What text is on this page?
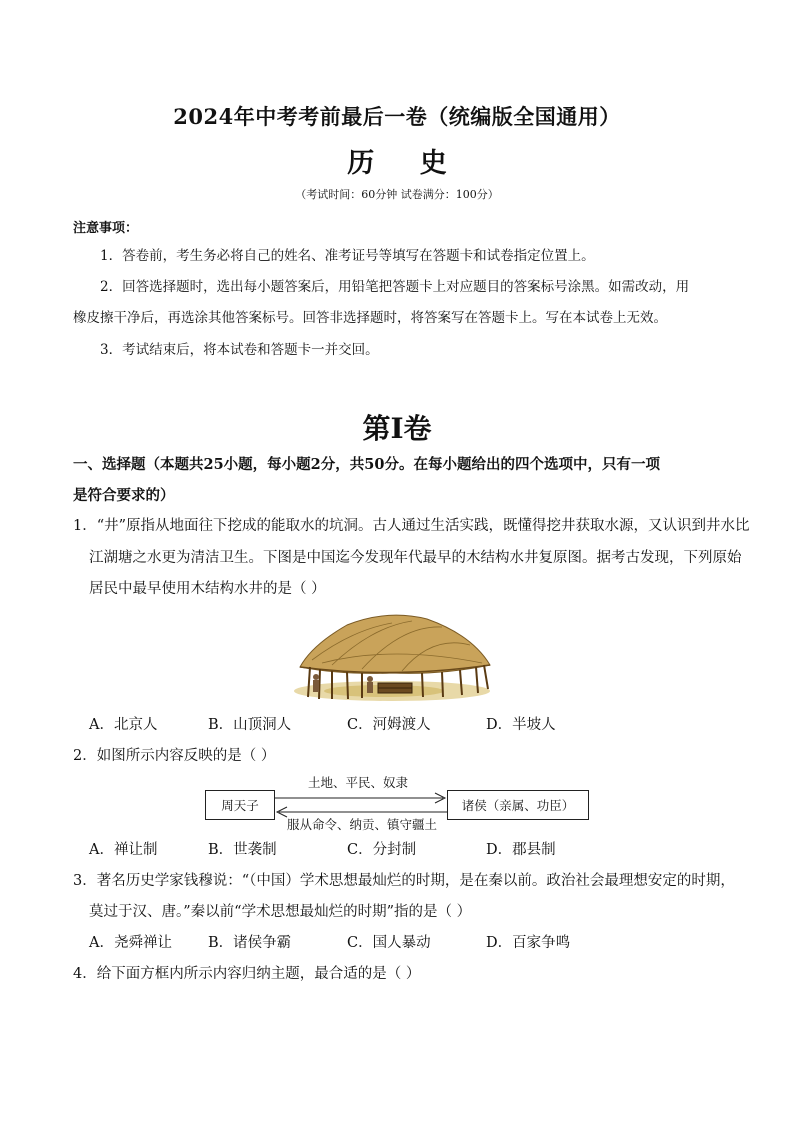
2024年中考考前最后一卷（统编版全国通用）
历 史
（考试时间：60分钟 试卷满分：100分）
注意事项：
1．答卷前，考生务必将自己的姓名、准考证号等填写在答题卡和试卷指定位置上。
2．回答选择题时，选出每小题答案后，用铅笔把答题卡上对应题目的答案标号涂黑。如需改动，用
橡皮擦干净后，再选涂其他答案标号。回答非选择题时，将答案写在答题卡上。写在本试卷上无效。
3．考试结束后，将本试卷和答题卡一并交回。
第Ⅰ卷
一、选择题（本题共25小题，每小题2分，共50分。在每小题给出的四个选项中，只有一项
是符合要求的）
1．“井”原指从地面往下挖成的能取水的坑洞。古人通过生活实践，既懂得挖井获取水源，又认识到井水比
江湖塘之水更为清洁卫生。下图是中国迄今发现年代最早的木结构水井复原图。据考古发现，下列原始
居民中最早使用木结构水井的是（ ）
A．北京人	B．山顶洞人	C．河姆渡人	D．半坡人
2．如图所示内容反映的是（ ）
土地、平民、奴隶
周天子	诸侯（亲属、功臣）
服从命令、纳贡、镇守疆土
A．禅让制	B．世袭制	C．分封制	D．郡县制
3．著名历史学家钱穆说：“（中国）学术思想最灿烂的时期，是在秦以前。政治社会最理想安定的时期，
莫过于汉、唐。”秦以前“学术思想最灿烂的时期”指的是（ ）
A．尧舜禅让 B．诸侯争霸	C．国人暴动	D．百家争鸣
4．给下面方框内所示内容归纳主题，最合适的是（ ）
